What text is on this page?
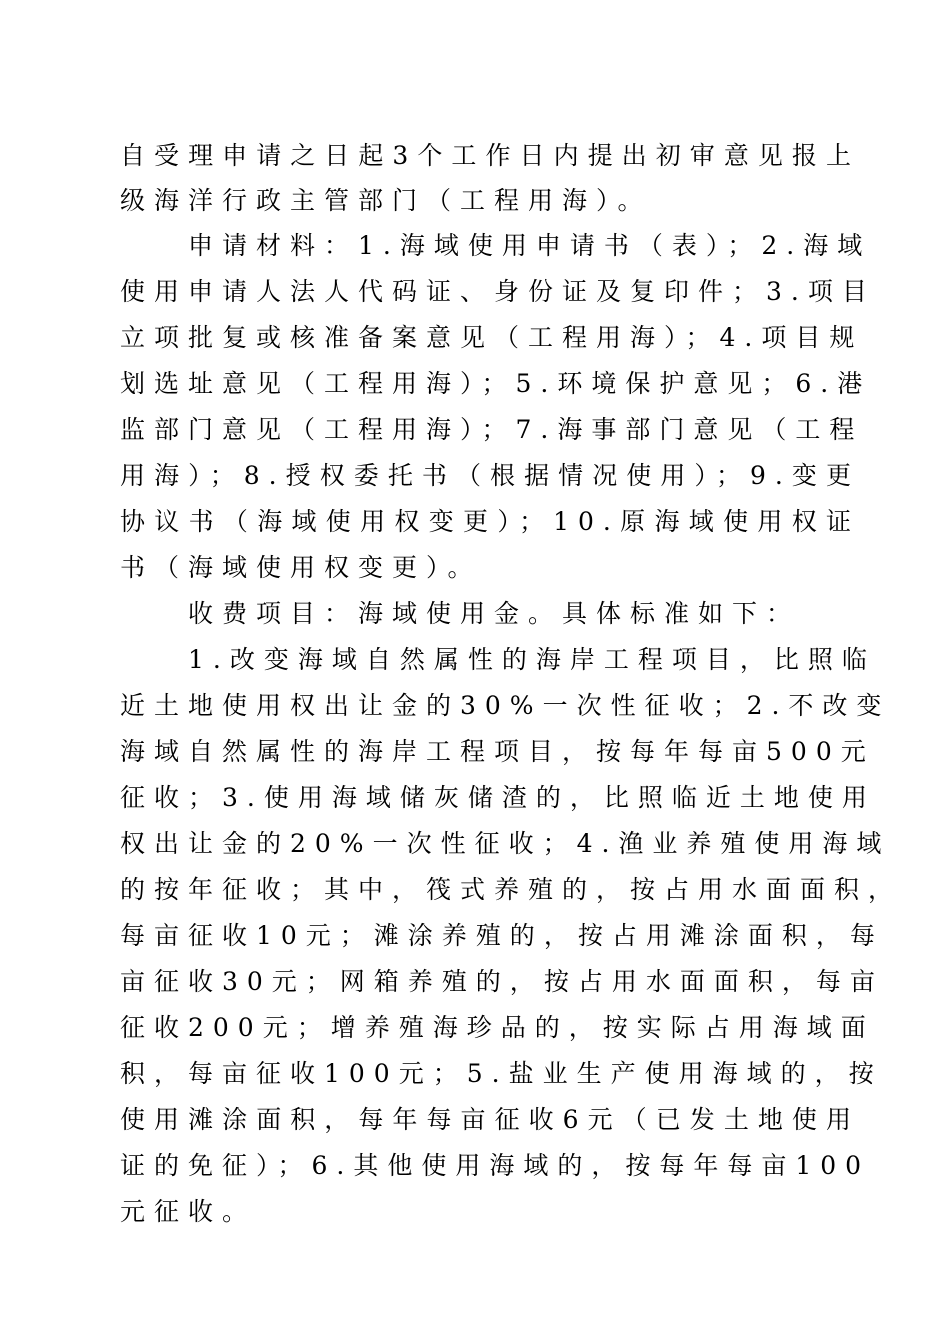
自受理申请之日起3个工作日内提出初审意见报上
级海洋行政主管部门（工程用海）。
申请材料：1.海域使用申请书（表）；2.海域
使用申请人法人代码证、身份证及复印件；3.项目
立项批复或核准备案意见（工程用海）；4.项目规
划选址意见（工程用海）；5.环境保护意见；6.港
监部门意见（工程用海）；7.海事部门意见（工程
用海）；8.授权委托书（根据情况使用）；9.变更
协议书（海域使用权变更）；10.原海域使用权证
书（海域使用权变更）。
收费项目：海域使用金。具体标准如下：
1.改变海域自然属性的海岸工程项目，比照临
近土地使用权出让金的30%一次性征收；2.不改变
海域自然属性的海岸工程项目，按每年每亩500元
征收；3.使用海域储灰储渣的，比照临近土地使用
权出让金的20%一次性征收；4.渔业养殖使用海域
的按年征收；其中，筏式养殖的，按占用水面面积，
每亩征收10元；滩涂养殖的，按占用滩涂面积，每
亩征收30元；网箱养殖的，按占用水面面积，每亩
征收200元；增养殖海珍品的，按实际占用海域面
积，每亩征收100元；5.盐业生产使用海域的，按
使用滩涂面积，每年每亩征收6元（已发土地使用
证的免征）；6.其他使用海域的，按每年每亩100
元征收。
